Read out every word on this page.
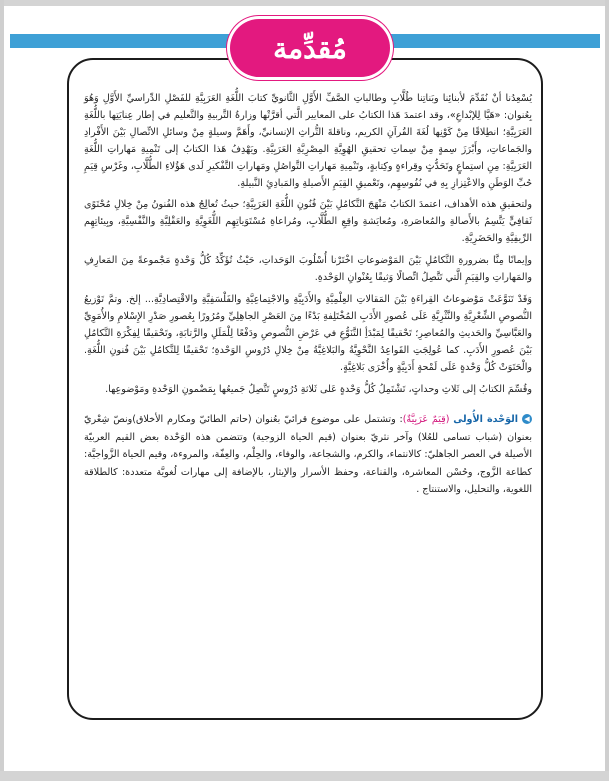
مُقدِّمة

يُسْعِدُنا أنْ نُقَدِّمَ لأبنائِنا وبَناتِنا طُلَّابِ وطالباتِ الصَّفِّ الأَوَّلِ الثَّانويِّ كتابَ اللُّغَةِ العَرَبِيَّةِ للفَصْلِ الدِّراسيِّ الأَوَّلِ وَهُوَ بِعُنوان: «هَيَّا لِلإبْداعِ»، وقد اعتمدَ هَذا الكتابُ على المعايير الَّتي أقرَّتْها وزارةُ التَّربيةِ والتَّعليم في إطار عِنايَتِها باللُّغَةِ العَرَبِيَّةِ؛ انطِلاقًا مِنْ كَوْنِها لُغَةَ القُرآنِ الكريم، وناقلةَ التُّراثِ الإنسانيِّ، وأَهَمَّ وسيلةٍ مِنْ وسائلِ الاتِّصالِ بَيْنَ الأَفْرادِ والجَماعاتِ، وأَبْرَزَ سِمةٍ مِنْ سِماتِ تحقيقِ الهُوِيَّةِ المِصْرِيَّةِ العَرَبِيَّةِ. ويَهْدِفُ هَذا الكتابُ إلى تَنْمِيةِ مَهاراتِ اللُّغَةِ العَرَبِيَّةِ: مِنِ استِماعٍ وتَحَدُّثٍ وقِراءةٍ وكِتابةٍ، وتَنْمِيةِ مَهاراتِ التَّواصُلِ ومَهاراتِ التَّفْكيرِ لَدى هَؤُلاءِ الطُّلَّابِ، وغَرْسِ قِيَمِ حُبِّ الوَطَنِ والاعْتِزازِ بِهِ في نُفُوسِهِم، وتَعْميقِ القِيَمِ الأَصيلةِ والمَبادِئِ النَّبيلةِ.

ولتحقيقِ هذه الأهداف، اعتمدَ الكتابُ مَنْهَجَ التَّكامُلِ بَيْنَ فُنُونِ اللُّغَةِ العَرَبِيَّةِ؛ حيثُ تُعالِجُ هذه الفُنونُ مِنْ خِلالِ مُحْتَوًى ثَقافِيٍّ يَتَّسِمُ بالأَصالةِ والمُعاصَرةِ، ومُعايَشةِ واقِعِ الطُّلَّابِ، ومُراعاةِ مُسْتَوَياتِهِم اللُّغَوِيَّةِ والعَقْلِيَّةِ والنَّفْسِيَّةِ، وبِيئاتِهِم الرِّيفِيَّةِ والحَضَرِيَّةِ.

وإيمانًا مِنَّا بضرورةِ التَّكامُلِ بَيْنَ المَوْضوعاتِ اخْتَرْنا أُسْلُوبَ الوَحَداتِ، حَيْثُ تُؤَكِّدُ كُلُّ وَحْدةٍ مَجْموعةً مِنَ المَعارِفِ والمَهاراتِ والقِيَمِ الَّتي تَتَّصِلُ اتِّصالًا وَثيقًا بِعُنْوانِ الوَحْدةِ.

وَقَدْ تَنَوَّعَتْ مَوْضوعاتُ القِراءَةِ بَيْنَ المَقالاتِ العِلْمِيَّةِ والأَدَبِيَّةِ والاجْتِماعِيَّةِ والفَلْسَفِيَّةِ والاقْتِصادِيَّةِ... إلخ. وتمَّ تَوْزيعُ النُّصوصِ الشِّعْرِيَّةِ والنَّثْرِيَّةِ عَلَى عُصورِ الأَدَبِ المُخْتَلِفةِ بَدْءًا مِنَ العَصْرِ الجاهِلِيِّ ومُرُورًا بِعُصورِ صَدْرِ الإِسْلامِ والأُمَوِيِّ والعَبَّاسِيِّ والحَديثِ والمُعاصِرِ؛ تَحْقيقًا لِمَبْدَأِ التَّنَوُّعِ في عَرْضِ النُّصوصِ ودَفْعًا لِلْمَلَلِ والرَّتابَةِ، وتَحْقيقًا لِفِكْرَةِ التَّكامُلِ بَيْنَ عُصورِ الأَدَبِ. كما عُولِجَتِ القَواعِدُ النَّحْوِيَّةُ والبَلاغِيَّةُ مِنْ خِلالِ دُرُوسِ الوَحْدةِ؛ تَحْقيقًا لِلتَّكامُلِ بَيْنَ فُنونِ اللُّغَةِ. والْحَتَوَتْ كُلُّ وَحْدةٍ عَلَى لَمْحةٍ أَدَبِيَّةٍ وأُخْرَى بَلاغِيَّةٍ.

وقُسِّمَ الكتابُ إلى ثَلاثِ وحداتٍ، تَشْتَمِلُ كُلُّ وَحْدةٍ عَلى ثَلاثةِ دُرُوسٍ تَتَّصِلُ جَميعُها بِمَضْمونِ الوَحْدةِ ومَوْضوعِها.

◀الوَحْدة الأُولى (قِيَمٌ عَرَبِيَّةٌ): وتشتمل على موضوع قرائيّ بعُنوان (حاتم الطائيّ ومكارم الأخلاق)ونصّ شِعْريّ بعنوان (شباب تسامى للعُلا) وآخر نثريّ بعنوان (قيم الحياة الزوجية) وتتضمن هذه الوَحْدة بعض القيم العربيّة الأصيلة في العصر الجاهليّ: كالانتماء، والكرم، والشجاعة، والوفاء، والحِلْم، والعِفّة، والمروءة، وقيم الحياة الزَّواجيَّة: كطاعة الزَّوج، وحُسْن المعاشرة، والقناعة، وحفظ الأسرار والإيثار، بالإضافة إلى مهارات لُغويَّة متعددة: كالطلاقة اللغوية، والتحليل، والاستنتاج .
